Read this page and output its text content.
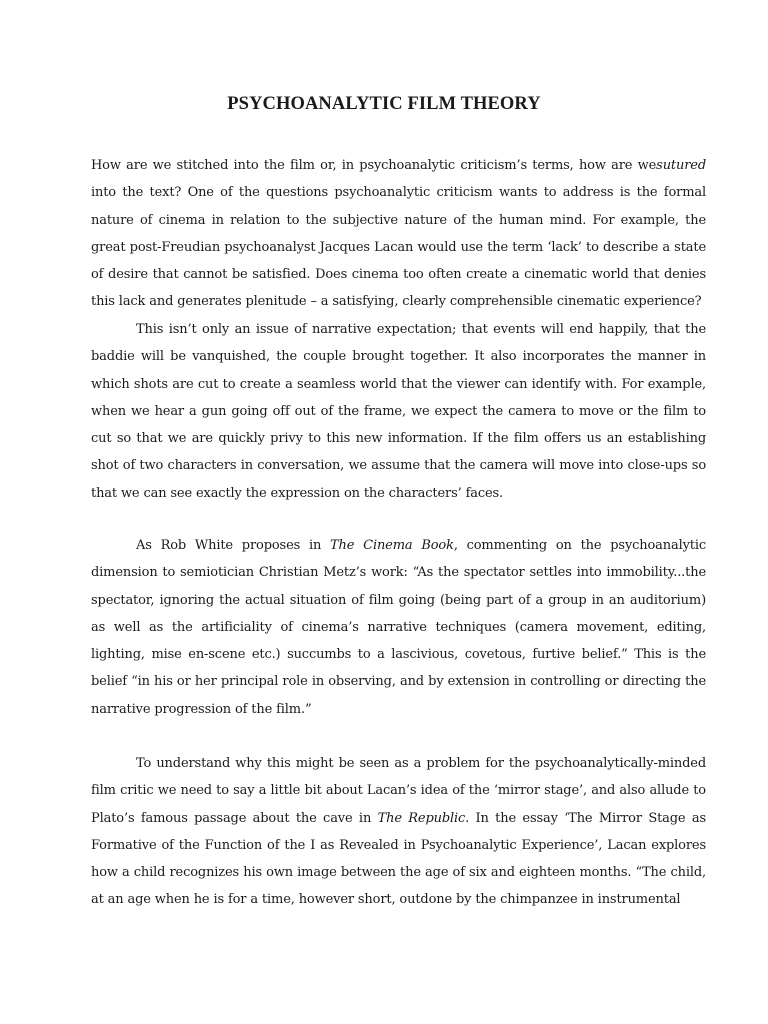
PSYCHOANALYTIC FILM THEORY

How are we stitched into the film or, in psychoanalytic criticism’s terms, how are wesutured into the text? One of the questions psychoanalytic criticism wants to address is the formal nature of cinema in relation to the subjective nature of the human mind. For example, the great post-Freudian psychoanalyst Jacques Lacan would use the term ‘lack’ to describe a state of desire that cannot be satisfied. Does cinema too often create a cinematic world that denies this lack and generates plenitude – a satisfying, clearly comprehensible cinematic experience?

This isn’t only an issue of narrative expectation; that events will end happily, that the baddie will be vanquished, the couple brought together. It also incorporates the manner in which shots are cut to create a seamless world that the viewer can identify with. For example, when we hear a gun going off out of the frame, we expect the camera to move or the film to cut so that we are quickly privy to this new information. If the film offers us an establishing shot of two characters in conversation, we assume that the camera will move into close-ups so that we can see exactly the expression on the characters’ faces.

As Rob White proposes in The Cinema Book, commenting on the psychoanalytic dimension to semiotician Christian Metz’s work: “As the spectator settles into immobility...the spectator, ignoring the actual situation of film going (being part of a group in an auditorium) as well as the artificiality of cinema’s narrative techniques (camera movement, editing, lighting, mise en-scene etc.) succumbs to a lascivious, covetous, furtive belief.” This is the belief “in his or her principal role in observing, and by extension in controlling or directing the narrative progression of the film.”

To understand why this might be seen as a problem for the psychoanalytically-minded film critic we need to say a little bit about Lacan’s idea of the ‘mirror stage’, and also allude to Plato’s famous passage about the cave in The Republic. In the essay ‘The Mirror Stage as Formative of the Function of the I as Revealed in Psychoanalytic Experience’, Lacan explores how a child recognizes his own image between the age of six and eighteen months. “The child, at an age when he is for a time, however short, outdone by the chimpanzee in instrumental
